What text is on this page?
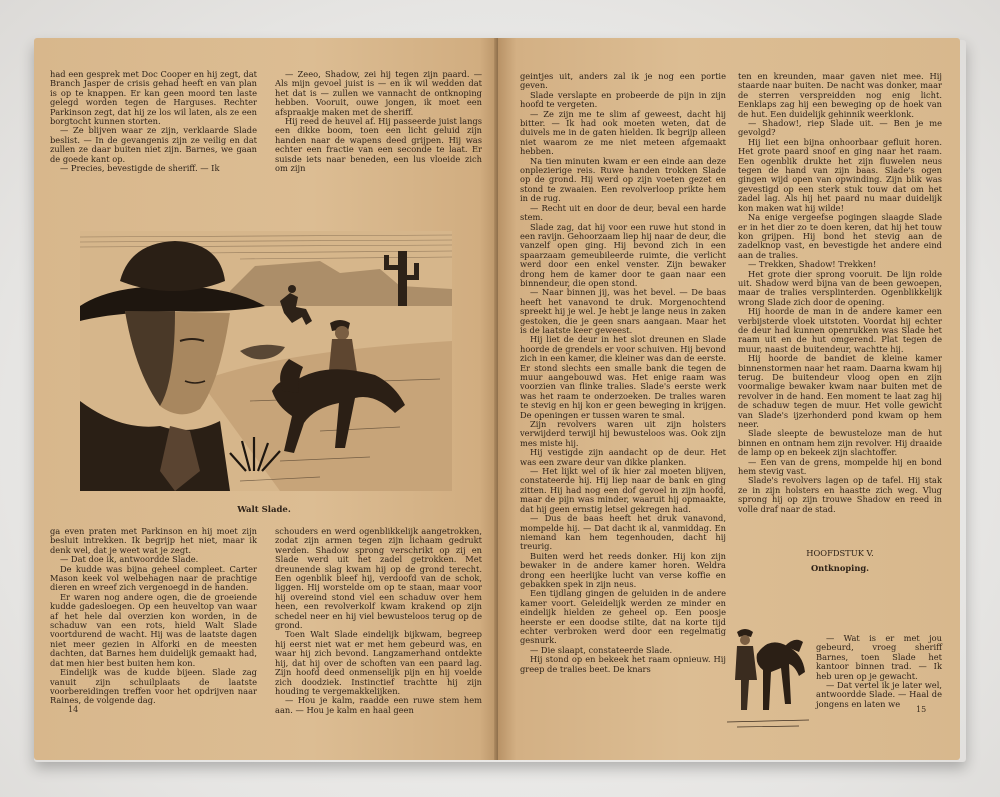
had een gesprek met Doc Cooper en hij zegt, dat Branch Jasper de crisis gehad heeft en van plan is op te knappen. Er kan geen moord ten laste gelegd worden tegen de Harguses. Rechter Parkinson zegt, dat hij ze los wil laten, als ze een borgtocht kunnen storten.

— Ze blijven waar ze zijn, verklaarde Slade beslist. — In de gevangenis zijn ze veilig en dat zullen ze daar buiten niet zijn. Barnes, we gaan de goede kant op.

— Precies, bevestigde de sheriff. — Ik

— Zeeo, Shadow, zei hij tegen zijn paard. — Als mijn gevoel juist is — en ik wil wedden dat het dat is — zullen we vannacht de ontknoping hebben. Vooruit, ouwe jongen, ik moet een afspraakje maken met de sheriff.

Hij reed de heuvel af. Hij passeerde juist langs een dikke boom, toen een licht geluid zijn handen naar de wapens deed grijpen. Hij was echter een fractie van een seconde te laat. Er suisde iets naar beneden, een lus vloeide zich om zijn

Walt Slade.

ga even praten met Parkinson en hij moet zijn besluit intrekken. Ik begrijp het niet, maar ik denk wel, dat je weet wat je zegt.

— Dat doe ik, antwoordde Slade.

De kudde was bijna geheel compleet. Carter Mason keek vol welbehagen naar de prachtige dieren en wreef zich vergenoegd in de handen.

Er waren nog andere ogen, die de groeiende kudde gadesloegen. Op een heuveltop van waar af het hele dal overzien kon worden, in de schaduw van een rots, hield Walt Slade voortdurend de wacht. Hij was de laatste dagen niet meer gezien in Alforki en de meesten dachten, dat Barnes hem duidelijk gemaakt had, dat men hier best buiten hem kon.

Eindelijk was de kudde bijeen. Slade zag vanuit zijn schuilplaats de laatste voorbereidingen treffen voor het opdrijven naar Raines, de volgende dag.

schouders en werd ogenblikkelijk aangetrokken, zodat zijn armen tegen zijn lichaam gedrukt werden. Shadow sprong verschrikt op zij en Slade werd uit het zadel getrokken. Met dreunende slag kwam hij op de grond terecht. Een ogenblik bleef hij, verdoofd van de schok, liggen. Hij worstelde om op te staan, maar voor hij overeind stond viel een schaduw over hem heen, een revolverkolf kwam krakend op zijn schedel neer en hij viel bewusteloos terug op de grond.

Toen Walt Slade eindelijk bijkwam, begreep hij eerst niet wat er met hem gebeurd was, en waar hij zich bevond. Langzamerhand ontdekte hij, dat hij over de schoften van een paard lag. Zijn hoofd deed onmenselijk pijn en hij voelde zich doodziek. Instinctief trachtte hij zijn houding te vergemakkelijken.

— Hou je kalm, raadde een ruwe stem hem aan. — Hou je kalm en haal geen

14

geintjes uit, anders zal ik je nog een portie geven.

Slade verslapte en probeerde de pijn in zijn hoofd te vergeten.

— Ze zijn me te slim af geweest, dacht hij bitter. — Ik had ook moeten weten, dat de duivels me in de gaten hielden. Ik begrijp alleen niet waarom ze me niet meteen afgemaakt hebben.

Na tien minuten kwam er een einde aan deze onplezierige reis. Ruwe handen trokken Slade op de grond. Hij werd op zijn voeten gezet en stond te zwaaien. Een revolverloop prikte hem in de rug.

— Recht uit en door de deur, beval een harde stem.

Slade zag, dat hij voor een ruwe hut stond in een ravijn. Gehoorzaam liep hij naar de deur, die vanzelf open ging. Hij bevond zich in een spaarzaam gemeubileerde ruimte, die verlicht werd door een enkel venster. Zijn bewaker drong hem de kamer door te gaan naar een binnendeur, die open stond.

— Naar binnen jij, was het bevel. — De baas heeft het vanavond te druk. Morgenochtend spreekt hij je wel. Je hebt je lange neus in zaken gestoken, die je geen snars aangaan. Maar het is de laatste keer geweest.

Hij liet de deur in het slot dreunen en Slade hoorde de grendels er voor schuiven. Hij bevond zich in een kamer, die kleiner was dan de eerste. Er stond slechts een smalle bank die tegen de muur aangebouwd was. Het enige raam was voorzien van flinke tralies. Slade's eerste werk was het raam te onderzoeken. De tralies waren te stevig en hij kon er geen beweging in krijgen. De openingen er tussen waren te smal.

Zijn revolvers waren uit zijn holsters verwijderd terwijl hij bewusteloos was. Ook zijn mes miste hij.

Hij vestigde zijn aandacht op de deur. Het was een zware deur van dikke planken.

— Het lijkt wel of ik hier zal moeten blijven, constateerde hij. Hij liep naar de bank en ging zitten. Hij had nog een dof gevoel in zijn hoofd, maar de pijn was minder, waaruit hij opmaakte, dat hij geen ernstig letsel gekregen had.

— Dus de baas heeft het druk vanavond, mompelde hij. — Dat dacht ik al, vanmiddag. En niemand kan hem tegenhouden, dacht hij treurig.

Buiten werd het reeds donker. Hij kon zijn bewaker in de andere kamer horen. Weldra drong een heerlijke lucht van verse koffie en gebakken spek in zijn neus.

Een tijdlang gingen de geluiden in de andere kamer voort. Geleidelijk werden ze minder en eindelijk hielden ze geheel op. Een poosje heerste er een doodse stilte, dat na korte tijd echter verbroken werd door een regelmatig gesnurk.

— Die slaapt, constateerde Slade.

Hij stond op en bekeek het raam opnieuw. Hij greep de tralies beet. De knars

ten en kreunden, maar gaven niet mee. Hij staarde naar buiten. De nacht was donker, maar de sterren verspreidden nog enig licht. Eenklaps zag hij een beweging op de hoek van de hut. Een duidelijk gehinnik weerklonk.

— Shadow!, riep Slade uit. — Ben je me gevolgd?

Hij liet een bijna onhoorbaar gefluit horen. Het grote paard snoof en ging naar het raam. Een ogenblik drukte het zijn fluwelen neus tegen de hand van zijn baas. Slade's ogen gingen wijd open van opwinding. Zijn blik was gevestigd op een sterk stuk touw dat om het zadel lag. Als hij het paard nu maar duidelijk kon maken wat hij wilde!

Na enige vergeefse pogingen slaagde Slade er in het dier zo te doen keren, dat hij het touw kon grijpen. Hij bond het stevig aan de zadelknop vast, en bevestigde het andere eind aan de tralies.

— Trekken, Shadow! Trekken!

Het grote dier sprong vooruit. De lijn rolde uit. Shadow werd bijna van de been gewoepen, maar de tralies versplinterden. Ogenblikkelijk wrong Slade zich door de opening.

Hij hoorde de man in de andere kamer een verbijsterde vloek uitstoten. Voordat hij echter de deur had kunnen openrukken was Slade het raam uit en de hut omgerend. Plat tegen de muur, naast de buitendeur, wachtte hij.

Hij hoorde de bandiet de kleine kamer binnenstormen naar het raam. Daarna kwam hij terug. De buitendeur vloog open en zijn voormalige bewaker kwam naar buiten met de revolver in de hand. Een moment te laat zag hij de schaduw tegen de muur. Het volle gewicht van Slade's ijzerhonderd pond kwam op hem neer.

Slade sleepte de bewusteloze man de hut binnen en ontnam hem zijn revolver. Hij draaide de lamp op en bekeek zijn slachtoffer.

— Een van de grens, mompelde hij en bond hem stevig vast.

Slade's revolvers lagen op de tafel. Hij stak ze in zijn holsters en haastte zich weg. Vlug sprong hij op zijn trouwe Shadow en reed in volle draf naar de stad.

HOOFDSTUK V.
Ontknoping.

— Wat is er met jou gebeurd, vroeg sheriff Barnes, toen Slade het kantoor binnen trad. — Ik heb uren op je gewacht.

— Dat vertel ik je later wel, antwoordde Slade. — Haal de jongens en laten we

15
